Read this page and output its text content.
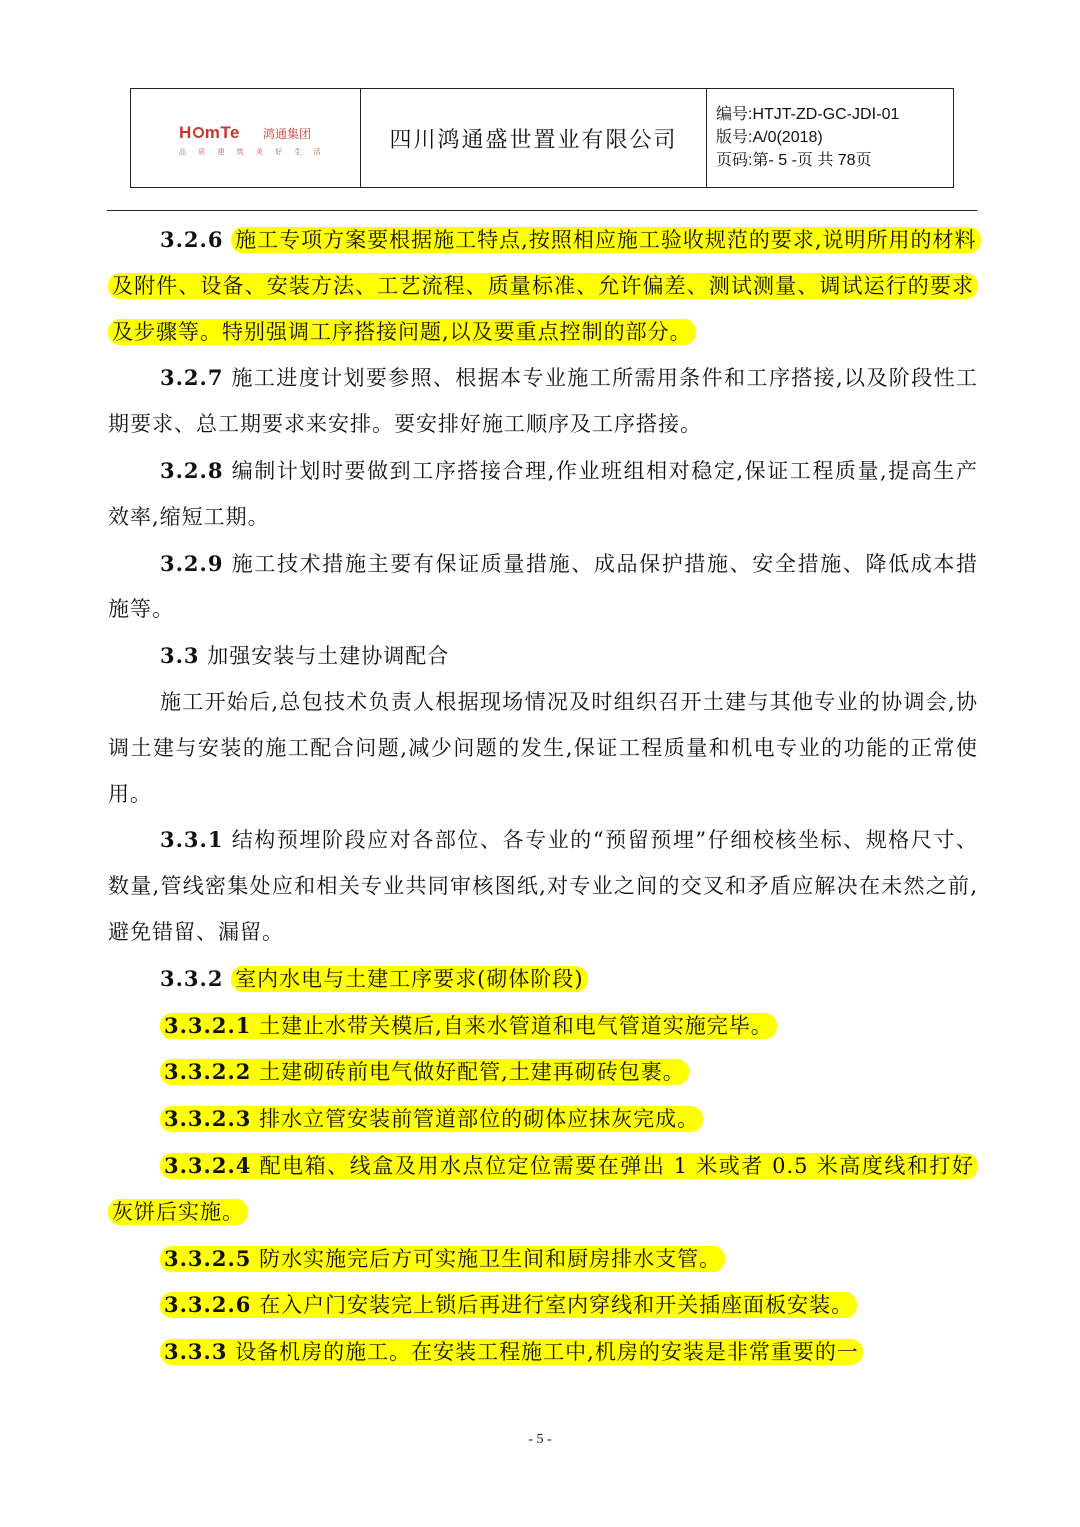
H mTe 鸿通集团
品 质 建 筑 美 好 生 活	四川鸿通盛世置业有限公司
编号:HTJT-ZD-GC-JDⅠ-01
版号:A/0(2018)
页码:第- 5 -页 共 78页

3.2.6 施工专项方案要根据施工特点,按照相应施工验收规范的要求,说明所用的材料及附件、设备、安装方法、工艺流程、质量标准、允许偏差、测试测量、调试运行的要求及步骤等。特别强调工序搭接问题,以及要重点控制的部分。

3.2.7 施工进度计划要参照、根据本专业施工所需用条件和工序搭接,以及阶段性工期要求、总工期要求来安排。要安排好施工顺序及工序搭接。

3.2.8 编制计划时要做到工序搭接合理,作业班组相对稳定,保证工程质量,提高生产效率,缩短工期。

3.2.9 施工技术措施主要有保证质量措施、成品保护措施、安全措施、降低成本措施等。

3.3 加强安装与土建协调配合

施工开始后,总包技术负责人根据现场情况及时组织召开土建与其他专业的协调会,协调土建与安装的施工配合问题,减少问题的发生,保证工程质量和机电专业的功能的正常使用。

3.3.1 结构预埋阶段应对各部位、各专业的“预留预埋”仔细校核坐标、规格尺寸、数量,管线密集处应和相关专业共同审核图纸,对专业之间的交叉和矛盾应解决在未然之前,避免错留、漏留。

3.3.2 室内水电与土建工序要求(砌体阶段)

3.3.2.1 土建止水带关模后,自来水管道和电气管道实施完毕。

3.3.2.2 土建砌砖前电气做好配管,土建再砌砖包裹。

3.3.2.3 排水立管安装前管道部位的砌体应抹灰完成。

3.3.2.4 配电箱、线盒及用水点位定位需要在弹出 1 米或者 0.5 米高度线和打好灰饼后实施。

3.3.2.5 防水实施完后方可实施卫生间和厨房排水支管。

3.3.2.6 在入户门安装完上锁后再进行室内穿线和开关插座面板安装。

3.3.3 设备机房的施工。在安装工程施工中,机房的安装是非常重要的一

- 5 -
